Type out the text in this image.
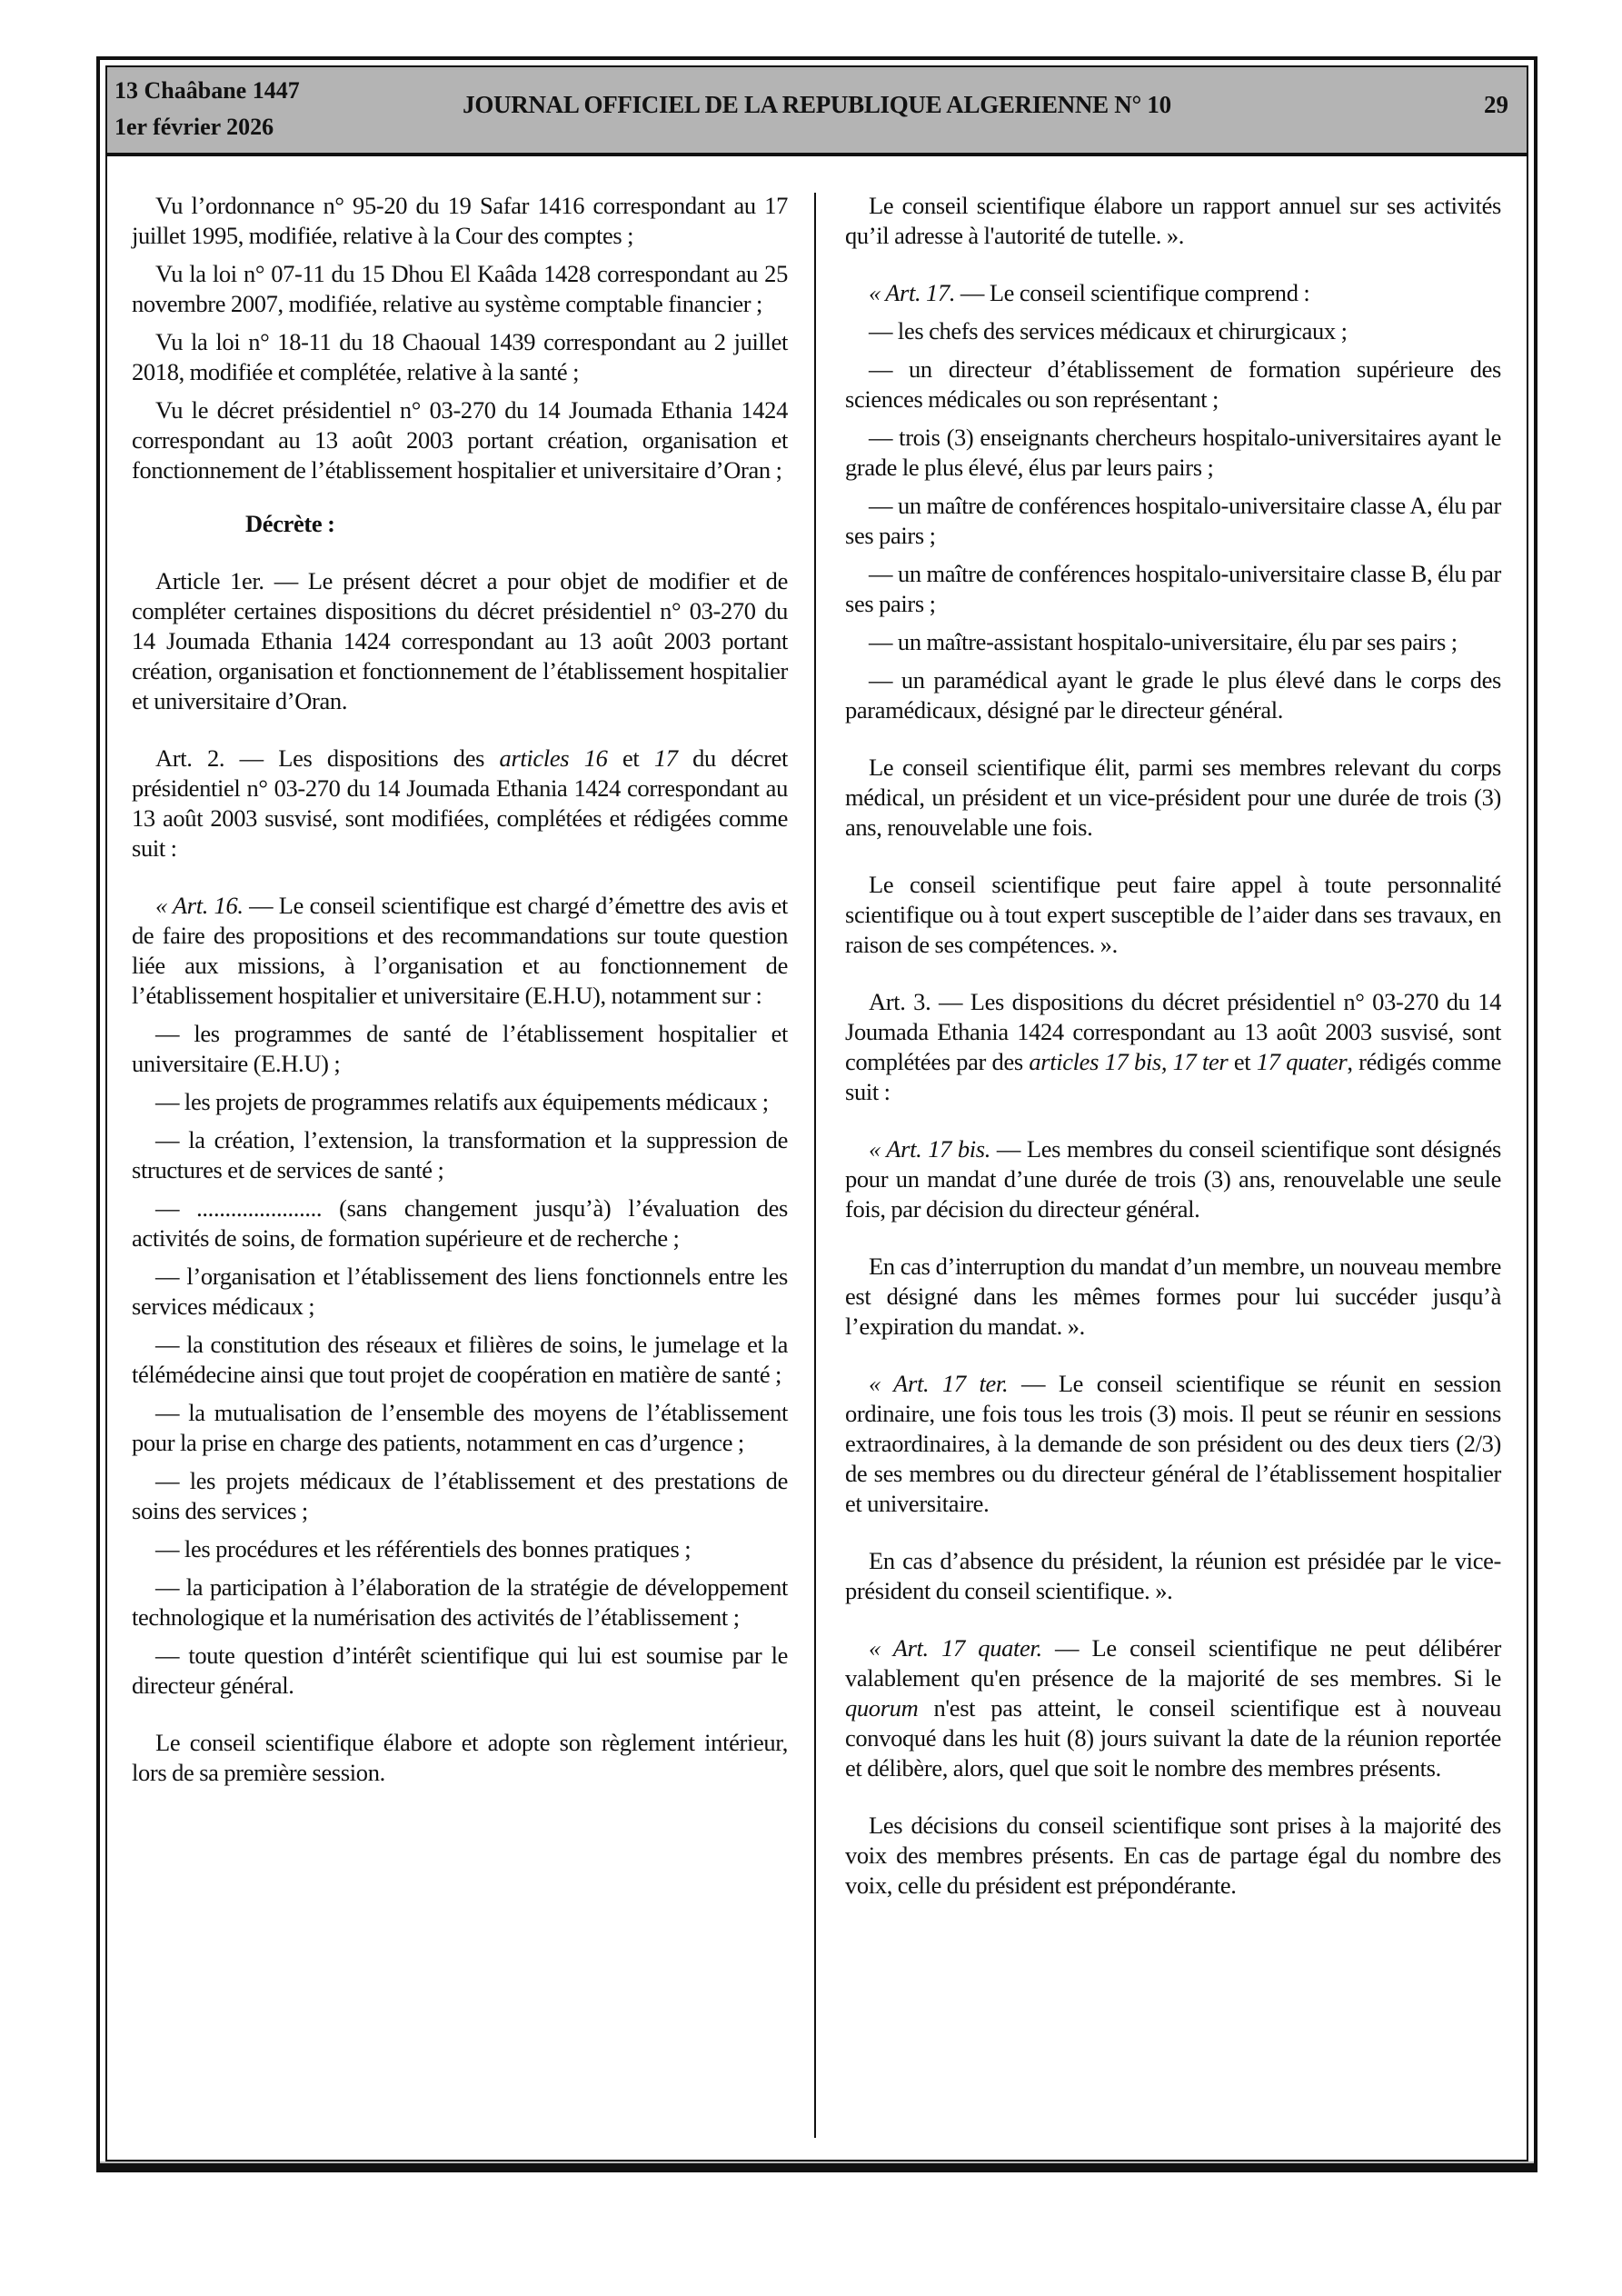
13 Chaâbane 1447
1er février 2026
JOURNAL OFFICIEL DE LA REPUBLIQUE ALGERIENNE N° 10	29

Vu l’ordonnance n° 95-20 du 19 Safar 1416 correspondant au 17 juillet 1995, modifiée, relative à la Cour des comptes ;

Vu la loi n° 07-11 du 15 Dhou El Kaâda 1428 correspondant au 25 novembre 2007, modifiée, relative au système comptable financier ;

Vu la loi n° 18-11 du 18 Chaoual 1439 correspondant au 2 juillet 2018, modifiée et complétée, relative à la santé ;

Vu le décret présidentiel n° 03-270 du 14 Joumada Ethania 1424 correspondant au 13 août 2003 portant création, organisation et fonctionnement de l’établissement hospitalier et universitaire d’Oran ;

Décrète :

Article 1er. — Le présent décret a pour objet de modifier et de compléter certaines dispositions du décret présidentiel n° 03-270 du 14 Joumada Ethania 1424 correspondant au 13 août 2003 portant création, organisation et fonctionnement de l’établissement hospitalier et universitaire d’Oran.

Art. 2. — Les dispositions des articles 16 et 17 du décret présidentiel n° 03-270 du 14 Joumada Ethania 1424 correspondant au 13 août 2003 susvisé, sont modifiées, complétées et rédigées comme suit :

« Art. 16. — Le conseil scientifique est chargé d’émettre des avis et de faire des propositions et des recommandations sur toute question liée aux missions, à l’organisation et au fonctionnement de l’établissement hospitalier et universitaire (E.H.U), notamment sur :

— les programmes de santé de l’établissement hospitalier et universitaire (E.H.U) ;

— les projets de programmes relatifs aux équipements médicaux ;

— la création, l’extension, la transformation et la suppression de structures et de services de santé ;

— ...................... (sans changement jusqu’à) l’évaluation des activités de soins, de formation supérieure et de recherche ;

— l’organisation et l’établissement des liens fonctionnels entre les services médicaux ;

— la constitution des réseaux et filières de soins, le jumelage et la télémédecine ainsi que tout projet de coopération en matière de santé ;

— la mutualisation de l’ensemble des moyens de l’établissement pour la prise en charge des patients, notamment en cas d’urgence ;

— les projets médicaux de l’établissement et des prestations de soins des services ;

— les procédures et les référentiels des bonnes pratiques ;

— la participation à l’élaboration de la stratégie de développement technologique et la numérisation des activités de l’établissement ;

— toute question d’intérêt scientifique qui lui est soumise par le directeur général.

Le conseil scientifique élabore et adopte son règlement intérieur, lors de sa première session.

Le conseil scientifique élabore un rapport annuel sur ses activités qu’il adresse à l'autorité de tutelle. ».

« Art. 17. — Le conseil scientifique comprend :

— les chefs des services médicaux et chirurgicaux ;

— un directeur d’établissement de formation supérieure des sciences médicales ou son représentant ;

— trois (3) enseignants chercheurs hospitalo-universitaires ayant le grade le plus élevé, élus par leurs pairs ;

— un maître de conférences hospitalo-universitaire classe A, élu par ses pairs ;

— un maître de conférences hospitalo-universitaire classe B, élu par ses pairs ;

— un maître-assistant hospitalo-universitaire, élu par ses pairs ;

— un paramédical ayant le grade le plus élevé dans le corps des paramédicaux, désigné par le directeur général.

Le conseil scientifique élit, parmi ses membres relevant du corps médical, un président et un vice-président pour une durée de trois (3) ans, renouvelable une fois.

Le conseil scientifique peut faire appel à toute personnalité scientifique ou à tout expert susceptible de l’aider dans ses travaux, en raison de ses compétences. ».

Art. 3. — Les dispositions du décret présidentiel n° 03-270 du 14 Joumada Ethania 1424 correspondant au 13 août 2003 susvisé, sont complétées par des articles 17 bis, 17 ter et 17 quater, rédigés comme suit :

« Art. 17 bis. — Les membres du conseil scientifique sont désignés pour un mandat d’une durée de trois (3) ans, renouvelable une seule fois, par décision du directeur général.

En cas d’interruption du mandat d’un membre, un nouveau membre est désigné dans les mêmes formes pour lui succéder jusqu’à l’expiration du mandat. ».

« Art. 17 ter. — Le conseil scientifique se réunit en session ordinaire, une fois tous les trois (3) mois. Il peut se réunir en sessions extraordinaires, à la demande de son président ou des deux tiers (2/3) de ses membres ou du directeur général de l’établissement hospitalier et universitaire.

En cas d’absence du président, la réunion est présidée par le vice-président du conseil scientifique. ».

« Art. 17 quater. — Le conseil scientifique ne peut délibérer valablement qu'en présence de la majorité de ses membres. Si le quorum n'est pas atteint, le conseil scientifique est à nouveau convoqué dans les huit (8) jours suivant la date de la réunion reportée et délibère, alors, quel que soit le nombre des membres présents.

Les décisions du conseil scientifique sont prises à la majorité des voix des membres présents. En cas de partage égal du nombre des voix, celle du président est prépondérante.
